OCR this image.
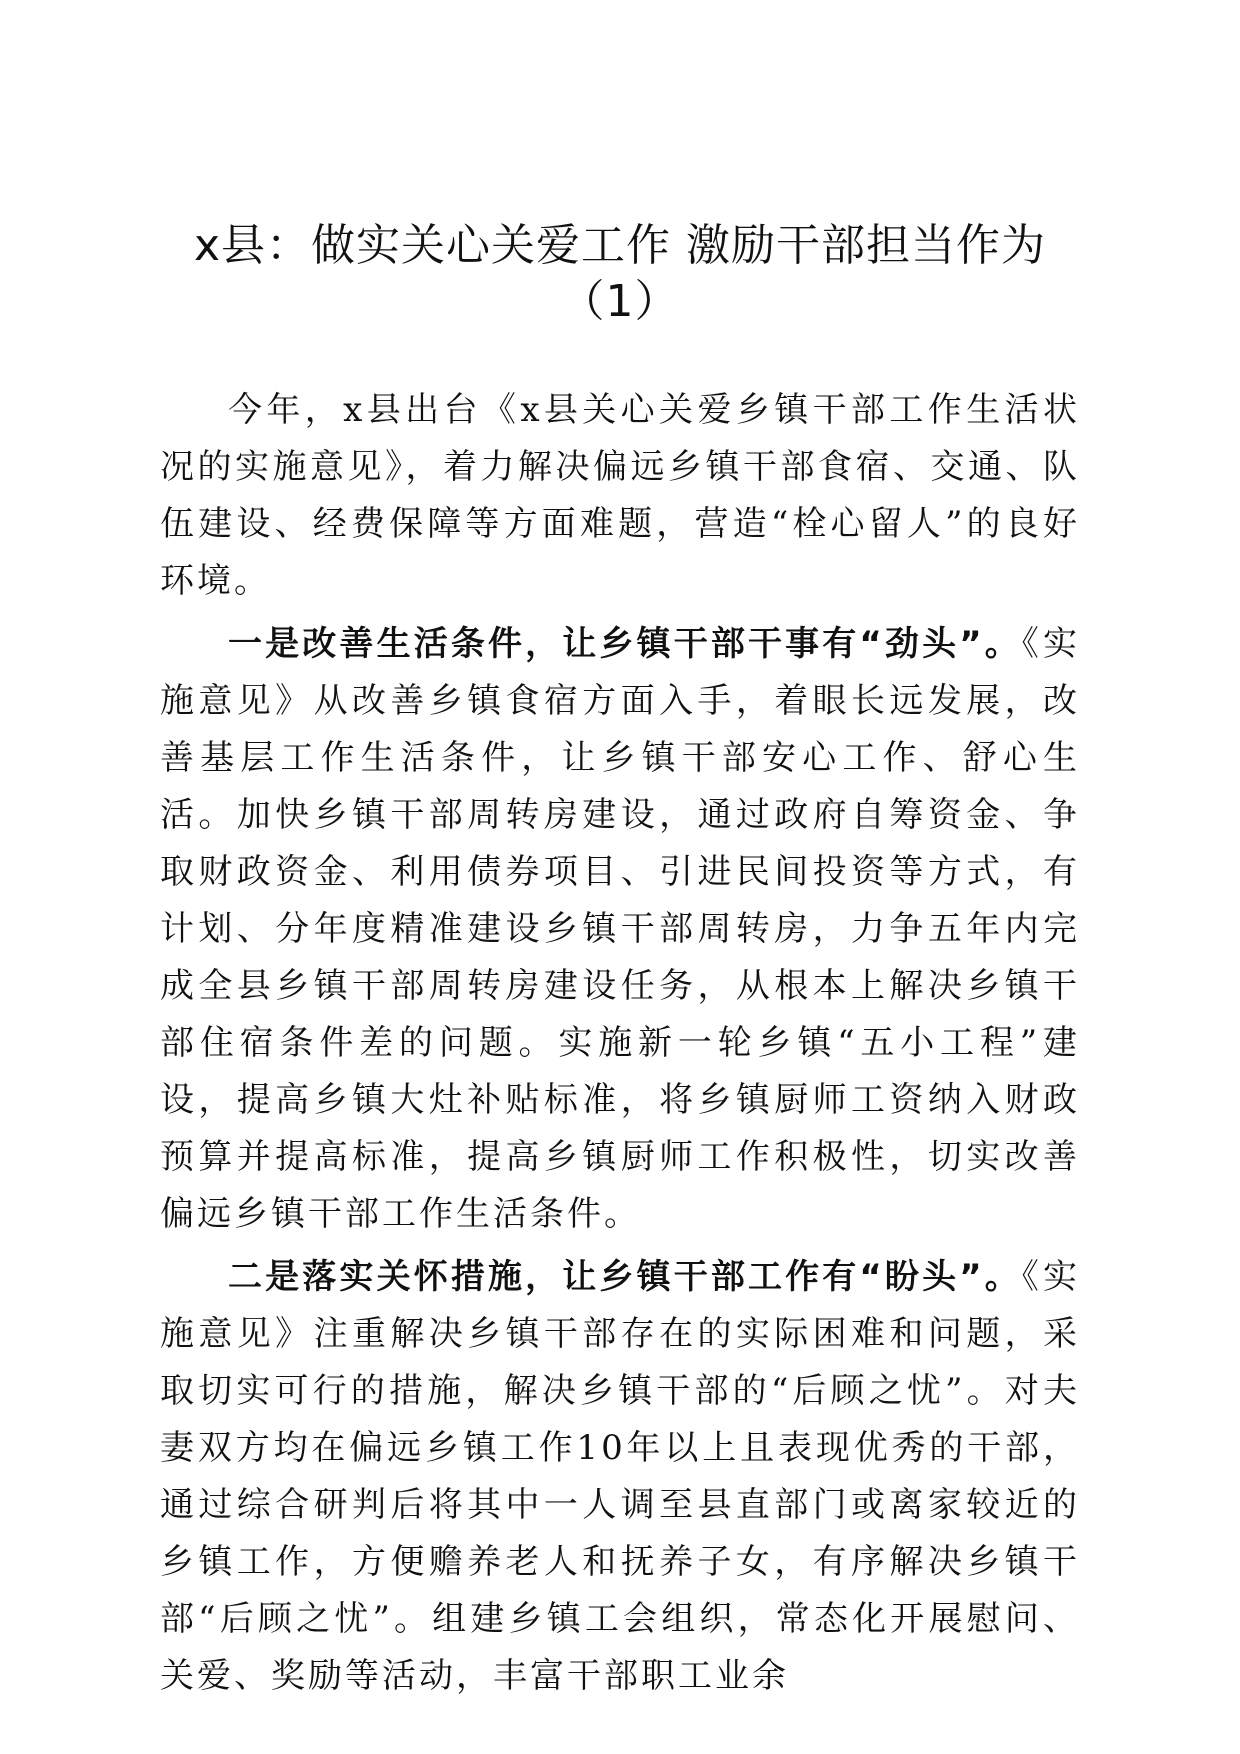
x县：做实关心关爱工作 激励干部担当作为
（1）

今年，x县出台《x县关心关爱乡镇干部工作生活状况的实施意见》，着力解决偏远乡镇干部食宿、交通、队伍建设、经费保障等方面难题，营造“栓心留人”的良好环境。

一是改善生活条件，让乡镇干部干事有“劲头”。《实施意见》从改善乡镇食宿方面入手，着眼长远发展，改善基层工作生活条件，让乡镇干部安心工作、舒心生活。加快乡镇干部周转房建设，通过政府自筹资金、争取财政资金、利用债券项目、引进民间投资等方式，有计划、分年度精准建设乡镇干部周转房，力争五年内完成全县乡镇干部周转房建设任务，从根本上解决乡镇干部住宿条件差的问题。实施新一轮乡镇“五小工程”建设，提高乡镇大灶补贴标准，将乡镇厨师工资纳入财政预算并提高标准，提高乡镇厨师工作积极性，切实改善偏远乡镇干部工作生活条件。

二是落实关怀措施，让乡镇干部工作有“盼头”。《实施意见》注重解决乡镇干部存在的实际困难和问题，采取切实可行的措施，解决乡镇干部的“后顾之忧”。对夫妻双方均在偏远乡镇工作10年以上且表现优秀的干部，通过综合研判后将其中一人调至县直部门或离家较近的乡镇工作，方便赡养老人和抚养子女，有序解决乡镇干部“后顾之忧”。组建乡镇工会组织，常态化开展慰问、关爱、奖励等活动，丰富干部职工业余
